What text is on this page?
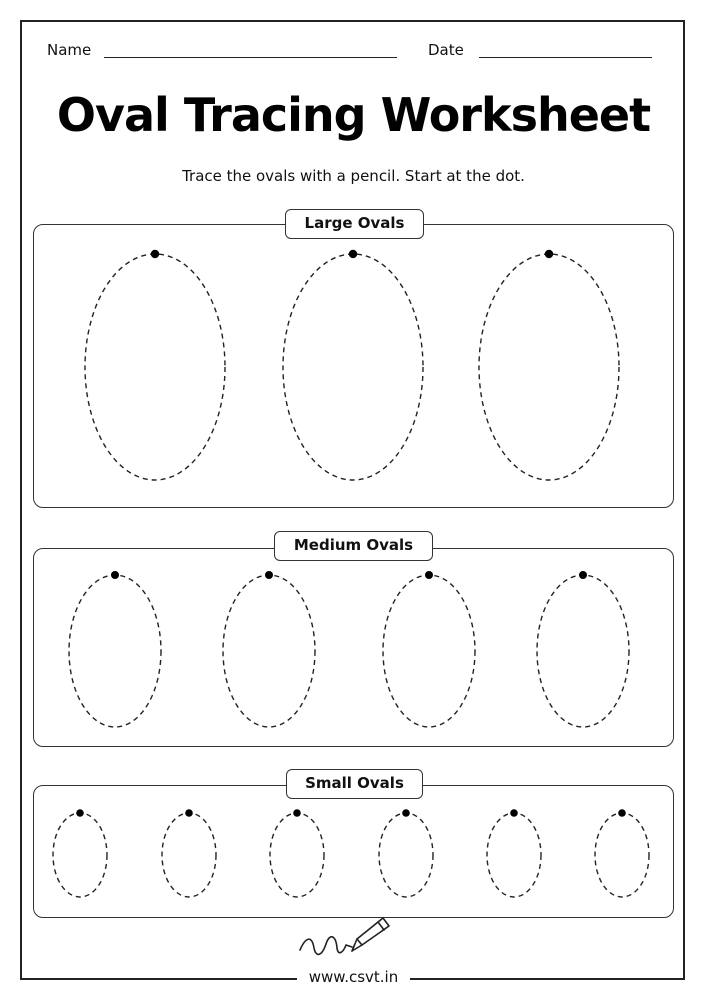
Name	Date
Oval Tracing Worksheet
Trace the ovals with a pencil. Start at the dot.
Large Ovals
Medium Ovals
Small Ovals
www.csvt.in
